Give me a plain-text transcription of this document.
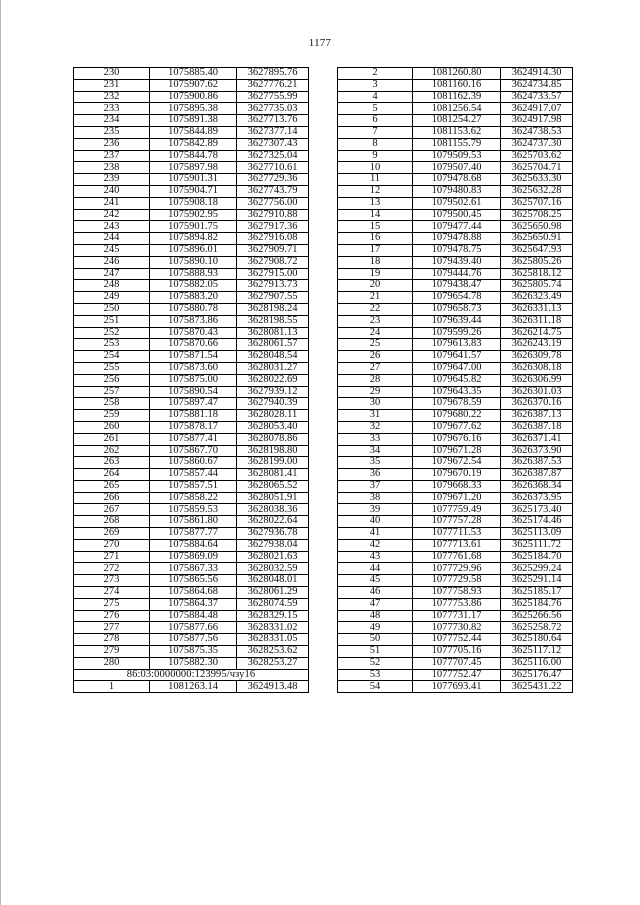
1177
230	1075885.40	3627895.76
231	1075907.62	3627776.21
232	1075900.86	3627755.99
233	1075895.38	3627735.03
234	1075891.38	3627713.76
235	1075844.89	3627377.14
236	1075842.89	3627307.43
237	1075844.78	3627325.04
238	1075897.98	3627710.61
239	1075901.31	3627729.36
240	1075904.71	3627743.79
241	1075908.18	3627756.00
242	1075902.95	3627910.88
243	1075901.75	3627917.36
244	1075894.82	3627916.08
245	1075896.01	3627909.71
246	1075890.10	3627908.72
247	1075888.93	3627915.00
248	1075882.05	3627913.73
249	1075883.20	3627907.55
250	1075880.78	3628198.24
251	1075873.86	3628198.55
252	1075870.43	3628081.13
253	1075870.66	3628061.57
254	1075871.54	3628048.54
255	1075873.60	3628031.27
256	1075875.00	3628022.69
257	1075890.54	3627939.12
258	1075897.47	3627940.39
259	1075881.18	3628028.11
260	1075878.17	3628053.40
261	1075877.41	3628078.86
262	1075867.70	3628198.80
263	1075860.67	3628199.00
264	1075857.44	3628081.41
265	1075857.51	3628065.52
266	1075858.22	3628051.91
267	1075859.53	3628038.36
268	1075861.80	3628022.64
269	1075877.77	3627936.78
270	1075884.64	3627938.04
271	1075869.09	3628021.63
272	1075867.33	3628032.59
273	1075865.56	3628048.01
274	1075864.68	3628061.29
275	1075864.37	3628074.59
276	1075884.48	3628329.15
277	1075877.66	3628331.02
278	1075877.56	3628331.05
279	1075875.35	3628253.62
280	1075882.30	3628253.27
86:03:0000000:123995/чзу16		
1	1081263.14	3624913.48
2	1081260.80	3624914.30
3	1081160.16	3624734.85
4	1081162.39	3624733.57
5	1081256.54	3624917.07
6	1081254.27	3624917.98
7	1081153.62	3624738.53
8	1081155.79	3624737.30
9	1079509.53	3625703.62
10	1079507.40	3625704.71
11	1079478.68	3625633.30
12	1079480.83	3625632.28
13	1079502.61	3625707.16
14	1079500.45	3625708.25
15	1079477.44	3625650.98
16	1079478.88	3625650.91
17	1079478.75	3625647.93
18	1079439.40	3625805.26
19	1079444.76	3625818.12
20	1079438.47	3625805.74
21	1079654.78	3626323.49
22	1079658.73	3626331.13
23	1079639.44	3626311.18
24	1079599.26	3626214.75
25	1079613.83	3626243.19
26	1079641.57	3626309.78
27	1079647.00	3626308.18
28	1079645.82	3626306.99
29	1079643.35	3626301.03
30	1079678.59	3626370.16
31	1079680.22	3626387.13
32	1079677.62	3626387.18
33	1079676.16	3626371.41
34	1079671.28	3626373.90
35	1079672.54	3626387.53
36	1079670.19	3626387.87
37	1079668.33	3626368.34
38	1079671.20	3626373.95
39	1077759.49	3625173.40
40	1077757.28	3625174.46
41	1077711.53	3625113.09
42	1077713.61	3625111.72
43	1077761.68	3625184.70
44	1077729.96	3625299.24
45	1077729.58	3625291.14
46	1077758.93	3625185.17
47	1077753.86	3625184.76
48	1077731.17	3625266.56
49	1077730.82	3625258.72
50	1077752.44	3625180.64
51	1077705.16	3625117.12
52	1077707.45	3625116.00
53	1077752.47	3625176.47
54	1077693.41	3625431.22
